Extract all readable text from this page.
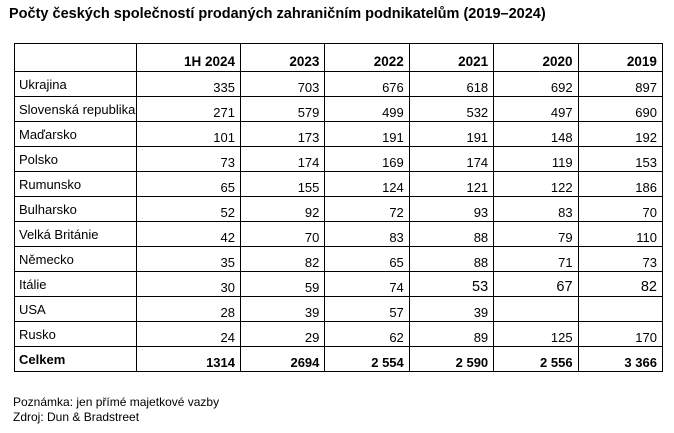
Počty českých společností prodaných zahraničním podnikatelům (2019–2024)
	1H 2024	2023	2022	2021	2020	2019
Ukrajina	335	703	676	618	692	897
Slovenská republika	271	579	499	532	497	690
Maďarsko	101	173	191	191	148	192
Polsko	73	174	169	174	119	153
Rumunsko	65	155	124	121	122	186
Bulharsko	52	92	72	93	83	70
Velká Británie	42	70	83	88	79	110
Německo	35	82	65	88	71	73
Itálie	30	59	74	53	67	82
USA	28	39	57	39		
Rusko	24	29	62	89	125	170
Celkem	1314	2694	2 554	2 590	2 556	3 366
Poznámka: jen přímé majetkové vazby
Zdroj: Dun & Bradstreet
